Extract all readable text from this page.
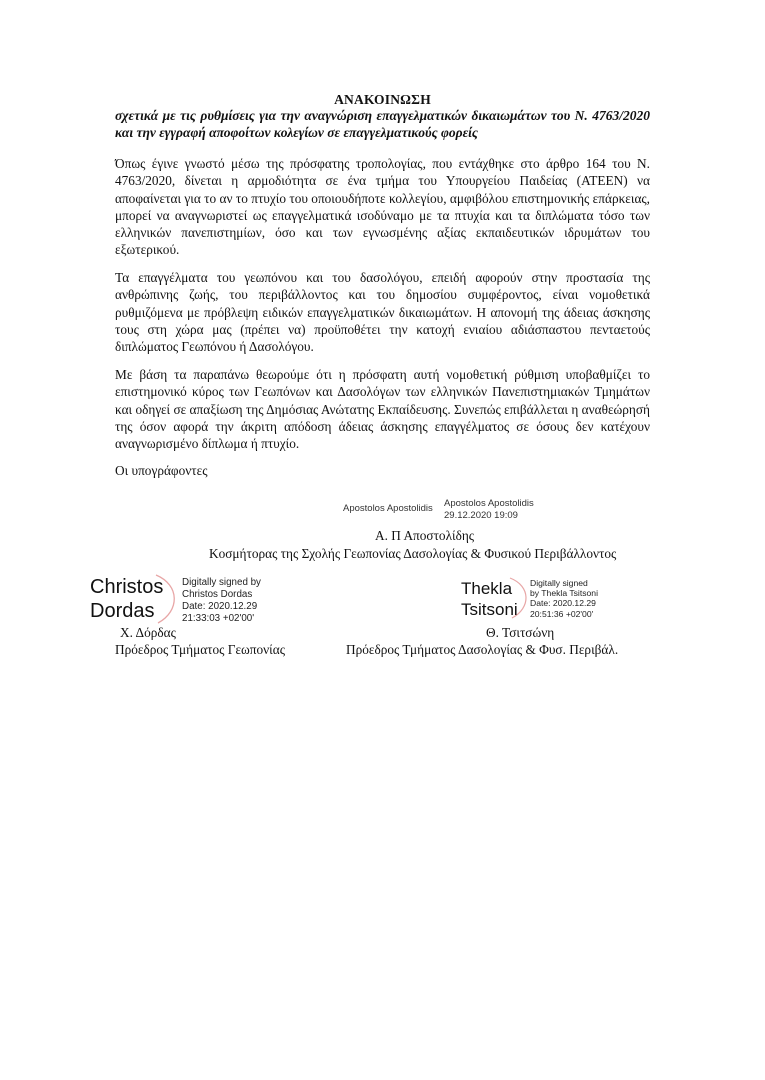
ΑΝΑΚΟΙΝΩΣΗ
σχετικά με τις ρυθμίσεις για την αναγνώριση επαγγελματικών δικαιωμάτων του Ν. 4763/2020 και την εγγραφή αποφοίτων κολεγίων σε επαγγελματικούς φορείς

Όπως έγινε γνωστό μέσω της πρόσφατης τροπολογίας, που εντάχθηκε στο άρθρο 164 του Ν. 4763/2020, δίνεται η αρμοδιότητα σε ένα τμήμα του Υπουργείου Παιδείας (ΑΤΕΕΝ) να αποφαίνεται για το αν το πτυχίο του οποιουδήποτε κολλεγίου, αμφιβόλου επιστημονικής επάρκειας, μπορεί να αναγνωριστεί ως επαγγελματικά ισοδύναμο με τα πτυχία και τα διπλώματα τόσο των ελληνικών πανεπιστημίων, όσο και των εγνωσμένης αξίας εκπαιδευτικών ιδρυμάτων του εξωτερικού.

Τα επαγγέλματα του γεωπόνου και του δασολόγου, επειδή αφορούν στην προστασία της ανθρώπινης ζωής, του περιβάλλοντος και του δημοσίου συμφέροντος, είναι νομοθετικά ρυθμιζόμενα με πρόβλεψη ειδικών επαγγελματικών δικαιωμάτων. Η απονομή της άδειας άσκησης τους στη χώρα μας (πρέπει να) προϋποθέτει την κατοχή ενιαίου αδιάσπαστου πενταετούς διπλώματος Γεωπόνου ή Δασολόγου.

Με βάση τα παραπάνω θεωρούμε ότι η πρόσφατη αυτή νομοθετική ρύθμιση υποβαθμίζει το επιστημονικό κύρος των Γεωπόνων και Δασολόγων των ελληνικών Πανεπιστημιακών Τμημάτων και οδηγεί σε απαξίωση της Δημόσιας Ανώτατης Εκπαίδευσης. Συνεπώς επιβάλλεται η αναθεώρησή της όσον αφορά την άκριτη απόδοση άδειας άσκησης επαγγέλματος σε όσους δεν κατέχουν αναγνωρισμένο δίπλωμα ή πτυχίο.

Οι υπογράφοντες
Apostolos Apostolidis Apostolos Apostolidis
29.12.2020 19:09
Α. Π Αποστολίδης
Κοσμήτορας της Σχολής Γεωπονίας Δασολογίας & Φυσικού Περιβάλλοντος
Christos
Dordas
Digitally signed by
Christos Dordas
Date: 2020.12.29
21:33:03 +02'00'
Thekla
Tsitsoni
Digitally signed
by Thekla Tsitsoni
Date: 2020.12.29
20:51:36 +02'00'
Χ. Δόρδας
Πρόεδρος Τμήματος Γεωπονίας
Θ. Τσιτσώνη
Πρόεδρος Τμήματος Δασολογίας & Φυσ. Περιβάλ.
